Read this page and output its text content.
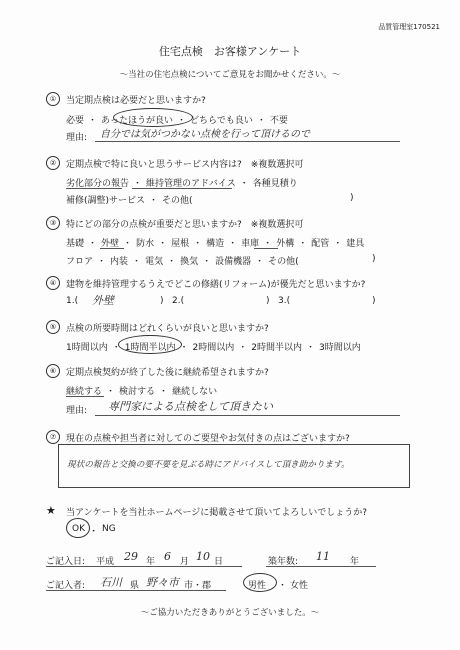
品質管理室170521
住宅点検　お客様アンケート
～当社の住宅点検についてご意見をお聞かせください。～
①	当定期点検は必要だと思いますか?
必要 ・ あったほうが良い ・ どちらでも良い ・ 不要
理由: 自分では気がつかない点検を行って頂けるので
②	定期点検で特に良いと思うサービス内容は?　※複数選択可
劣化部分の報告 ・ 維持管理のアドバイス ・ 各種見積り
補修(調整)サービス ・ その他(	)
③	特にどの部分の点検が重要だと思いますか?　※複数選択可
基礎 ・ 外壁 ・ 防水 ・ 屋根 ・ 構造 ・ 車庫 ・ 外構 ・ 配管 ・ 建具
フロア ・ 内装 ・ 電気 ・ 換気 ・ 設備機器 ・ その他(	)
④	建物を維持管理するうえでどこの修繕(リフォーム)が優先だと思いますか?
1.( 外壁	) 2.(	) 3.(	)
⑤	点検の所要時間はどれくらいが良いと思いますか?
1時間以内 ・ 1時間半以内 ・ 2時間以内 ・ 2時間半以内 ・ 3時間以内
⑥	定期点検契約が終了した後に継続希望されますか?
継続する ・ 検討する ・ 継続しない
理由: 専門家による点検をして頂きたい
⑦	現在の点検や担当者に対してのご要望やお気付きの点はございますか?
現状の報告と交換の要不要を見ぶる時にアドバイスして頂き助かります。
★ 当アンケートを当社ホームページに掲載させて頂いてよろしいでしょうか?
OK ・ NG
ご記入日: 平成 29 年 6 月 10 日	築年数: 11 年
ご記入者: 石川 県 野々市 市・郡	男性 ・ 女性
～ご協力いただきありがとうございました。～
